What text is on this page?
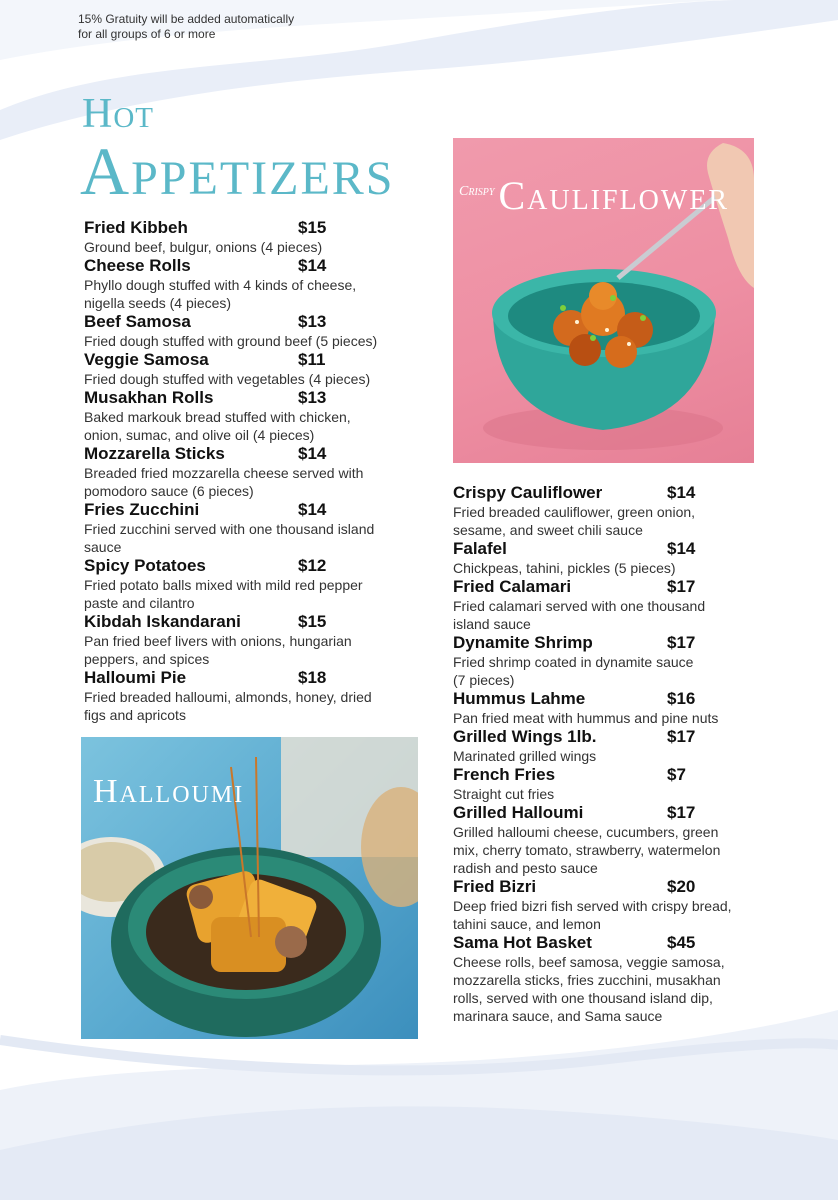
15% Gratuity will be added automatically
for all groups of 6 or more
Hot
Appetizers
Fried Kibbeh	$15
Ground beef, bulgur, onions (4 pieces)
Cheese Rolls	$14
Phyllo dough stuffed with 4 kinds of cheese,
nigella seeds (4 pieces)
Beef Samosa	$13
Fried dough stuffed with ground beef (5 pieces)
Veggie Samosa	$11
Fried dough stuffed with vegetables (4 pieces)
Musakhan Rolls	$13
Baked markouk bread stuffed with chicken,
onion, sumac, and olive oil (4 pieces)
Mozzarella Sticks	$14
Breaded fried mozzarella cheese served with
pomodoro sauce (6 pieces)
Fries Zucchini	$14
Fried zucchini served with one thousand island
sauce
Spicy Potatoes	$12
Fried potato balls mixed with mild red pepper
paste and cilantro
Kibdah Iskandarani	$15
Pan fried beef livers with onions, hungarian
peppers, and spices
Halloumi Pie	$18
Fried breaded halloumi, almonds, honey, dried
figs and apricots
Crispy Cauliflower	$14
Fried breaded cauliflower, green onion,
sesame, and sweet chili sauce
Falafel	$14
Chickpeas, tahini, pickles (5 pieces)
Fried Calamari	$17
Fried calamari served with one thousand
island sauce
Dynamite Shrimp	$17
Fried shrimp coated in dynamite sauce
(7 pieces)
Hummus Lahme	$16
Pan fried meat with hummus and pine nuts
Grilled Wings 1lb.	$17
Marinated grilled wings
French Fries	$7
Straight cut fries
Grilled Halloumi	$17
Grilled halloumi cheese, cucumbers, green
mix, cherry tomato, strawberry, watermelon
radish and pesto sauce
Fried Bizri	$20
Deep fried bizri fish served with crispy bread,
tahini sauce, and lemon
Sama Hot Basket	$45
Cheese rolls, beef samosa, veggie samosa,
mozzarella sticks, fries zucchini, musakhan
rolls, served with one thousand island dip,
marinara sauce, and Sama sauce
$^{Crispy}$ Cauliflower
Halloumi
